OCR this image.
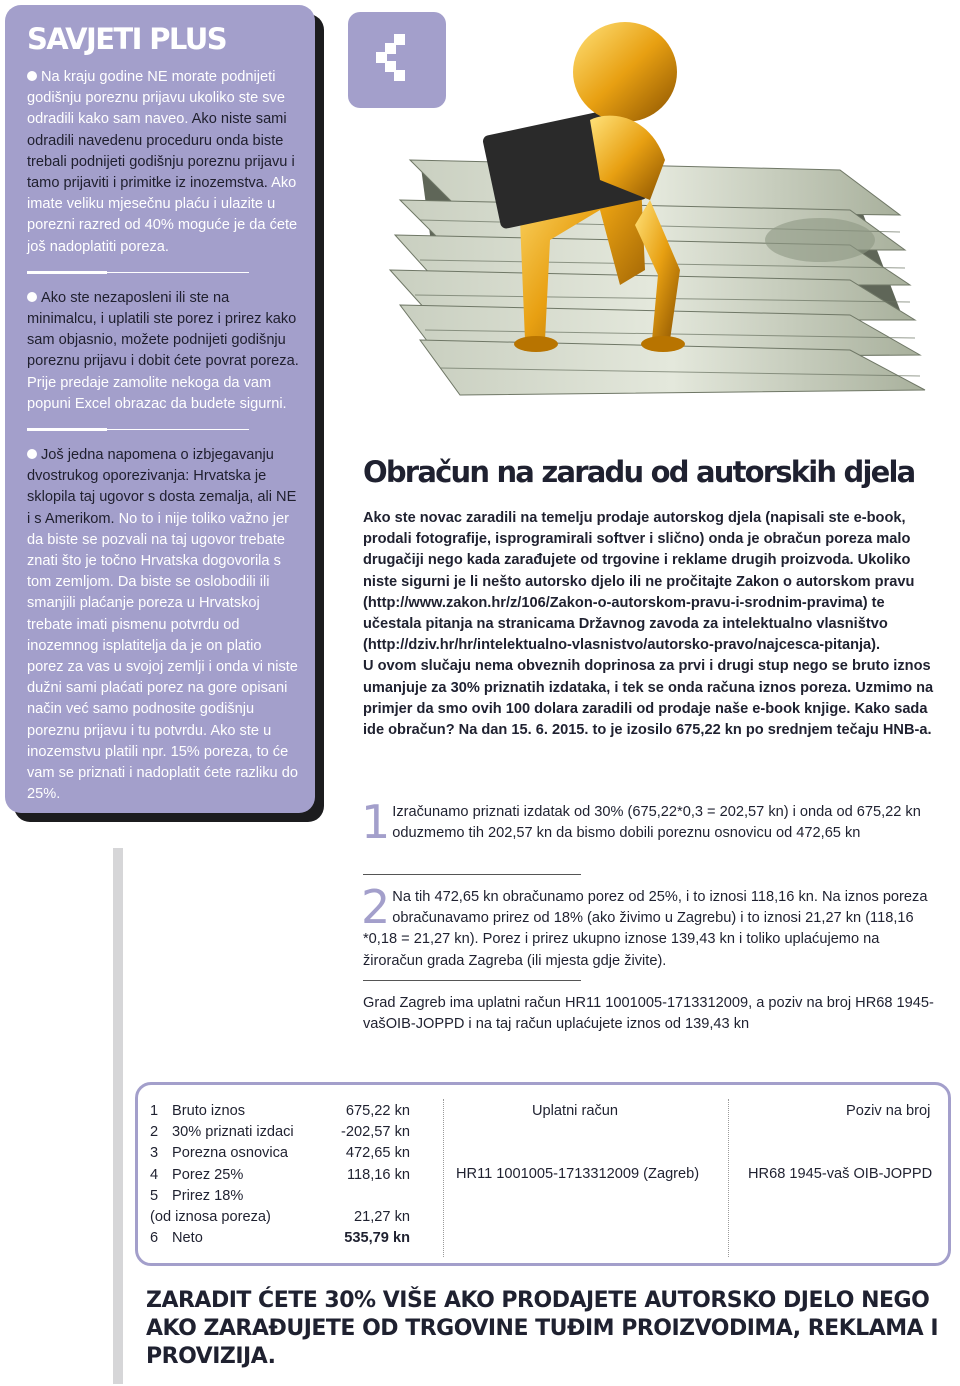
SAVJETI PLUS

Na kraju godine NE morate podnijeti godišnju poreznu prijavu ukoliko ste sve odradili kako sam naveo. Ako niste sami odradili navedenu proceduru onda biste trebali podnijeti godišnju poreznu prijavu i tamo prijaviti i primitke iz inozemstva. Ako imate veliku mjesečnu plaću i ulazite u porezni razred od 40% moguće je da ćete još nadoplatiti poreza.

Ako ste nezaposleni ili ste na minimalcu, i uplatili ste porez i prirez kako sam objasnio, možete podnijeti godišnju poreznu prijavu i dobit ćete povrat poreza. Prije predaje zamolite nekoga da vam popuni Excel obrazac da budete sigurni.

Još jedna napomena o izbjegavanju dvostrukog oporezivanja: Hrvatska je sklopila taj ugovor s dosta zemalja, ali NE i s Amerikom. No to i nije toliko važno jer da biste se pozvali na taj ugovor trebate znati što je točno Hrvatska dogovorila s tom zemljom. Da biste se oslobodili ili smanjili plaćanje poreza u Hrvatskoj trebate imati pismenu potvrdu od inozemnog isplatitelja da je on platio porez za vas u svojoj zemlji i onda vi niste dužni sami plaćati porez na gore opisani način već samo podnosite godišnju poreznu prijavu i tu potvrdu. Ako ste u inozemstvu platili npr. 15% poreza, to će vam se priznati i nadoplatit ćete razliku do 25%.

Obračun na zaradu od autorskih djela

Ako ste novac zaradili na temelju prodaje autorskog djela (napisali ste e-book, prodali fotografije, isprogramirali softver i slično) onda je obračun poreza malo drugačiji nego kada zarađujete od trgovine i reklame drugih proizvoda. Ukoliko niste sigurni je li nešto autorsko djelo ili ne pročitajte Zakon o autorskom pravu (http://www.zakon.hr/z/106/Zakon-o-autorskom-pravu-i-srodnim-pravima) te učestala pitanja na stranicama Državnog zavoda za intelektualno vlasništvo (http://dziv.hr/hr/intelektualno-vlasnistvo/autorsko-pravo/najcesca-pitanja).

U ovom slučaju nema obveznih doprinosa za prvi i drugi stup nego se bruto iznos umanjuje za 30% priznatih izdataka, i tek se onda računa iznos poreza. Uzmimo na primjer da smo ovih 100 dolara zaradili od prodaje naše e-book knjige. Kako sada ide obračun? Na dan 15. 6. 2015. to je izosilo 675,22 kn po srednjem tečaju HNB-a.

1 Izračunamo priznati izdatak od 30% (675,22*0,3 = 202,57 kn) i onda od 675,22 kn oduzmemo tih 202,57 kn da bismo dobili poreznu osnovicu od 472,65 kn
2 Na tih 472,65 kn obračunamo porez od 25%, i to iznosi 118,16 kn. Na iznos poreza obračunavamo prirez od 18% (ako živimo u Zagrebu) i to iznosi 21,27 kn (118,16 *0,18 = 21,27 kn). Porez i prirez ukupno iznose 139,43 kn i toliko uplaćujemo na žiroračun grada Zagreba (ili mjesta gdje živite).

Grad Zagreb ima uplatni račun HR11 1001005-1713312009, a poziv na broj HR68 1945-vašOIB-JOPPD i na taj račun uplaćujete iznos od 139,43 kn

1 Bruto iznos
2 30% priznati izdaci
3 Porezna osnovica
4 Porez 25%
5 Prirez 18%
(od iznosa poreza)
6 Neto
675,22 kn
-202,57 kn
472,65 kn
118,16 kn
21,27 kn
535,79 kn
Uplatni račun
HR11 1001005-1713312009 (Zagreb)
Poziv na broj
HR68 1945-vaš OIB-JOPPD

ZARADIT ĆETE 30% VIŠE AKO PRODAJETE AUTORSKO DJELO NEGO AKO ZARAĐUJETE OD TRGOVINE TUĐIM PROIZVODIMA, REKLAMA I PROVIZIJA.
